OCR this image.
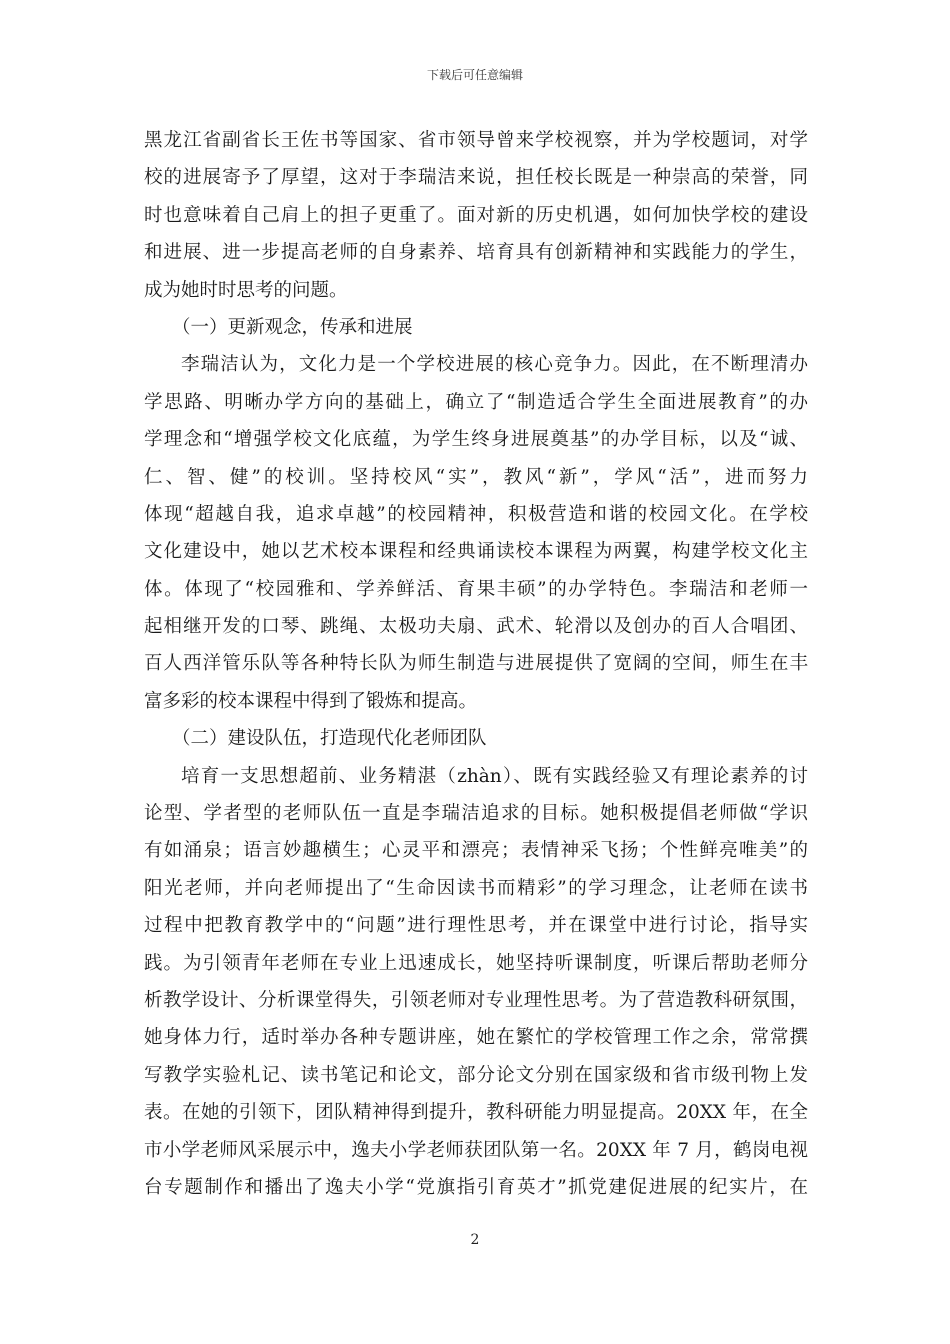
下载后可任意编辑
黑龙江省副省长王佐书等国家、省市领导曾来学校视察，并为学校题词，对学
校的进展寄予了厚望，这对于李瑞洁来说，担任校长既是一种崇高的荣誉，同
时也意味着自己肩上的担子更重了。面对新的历史机遇，如何加快学校的建设
和进展、进一步提高老师的自身素养、培育具有创新精神和实践能力的学生，
成为她时时思考的问题。
（一）更新观念，传承和进展
李瑞洁认为，文化力是一个学校进展的核心竞争力。因此，在不断理清办
学思路、明晰办学方向的基础上，确立了“制造适合学生全面进展教育”的办
学理念和“增强学校文化底蕴，为学生终身进展奠基”的办学目标，以及“诚、
仁、智、健”的校训。坚持校风“实”，教风“新”，学风“活”，进而努力
体现“超越自我，追求卓越”的校园精神，积极营造和谐的校园文化。在学校
文化建设中，她以艺术校本课程和经典诵读校本课程为两翼，构建学校文化主
体。体现了“校园雅和、学养鲜活、育果丰硕”的办学特色。李瑞洁和老师一
起相继开发的口琴、跳绳、太极功夫扇、武术、轮滑以及创办的百人合唱团、
百人西洋管乐队等各种特长队为师生制造与进展提供了宽阔的空间，师生在丰
富多彩的校本课程中得到了锻炼和提高。
（二）建设队伍，打造现代化老师团队
培育一支思想超前、业务精湛（zhàn）、既有实践经验又有理论素养的讨
论型、学者型的老师队伍一直是李瑞洁追求的目标。她积极提倡老师做“学识
有如涌泉；语言妙趣横生；心灵平和漂亮；表情神采飞扬；个性鲜亮唯美”的
阳光老师，并向老师提出了“生命因读书而精彩”的学习理念，让老师在读书
过程中把教育教学中的“问题”进行理性思考，并在课堂中进行讨论，指导实
践。为引领青年老师在专业上迅速成长，她坚持听课制度，听课后帮助老师分
析教学设计、分析课堂得失，引领老师对专业理性思考。为了营造教科研氛围，
她身体力行，适时举办各种专题讲座，她在繁忙的学校管理工作之余，常常撰
写教学实验札记、读书笔记和论文，部分论文分别在国家级和省市级刊物上发
表。在她的引领下，团队精神得到提升，教科研能力明显提高。20XX 年，在全
市小学老师风采展示中，逸夫小学老师获团队第一名。20XX 年 7 月，鹤岗电视
台专题制作和播出了逸夫小学“党旗指引育英才”抓党建促进展的纪实片，在
2
